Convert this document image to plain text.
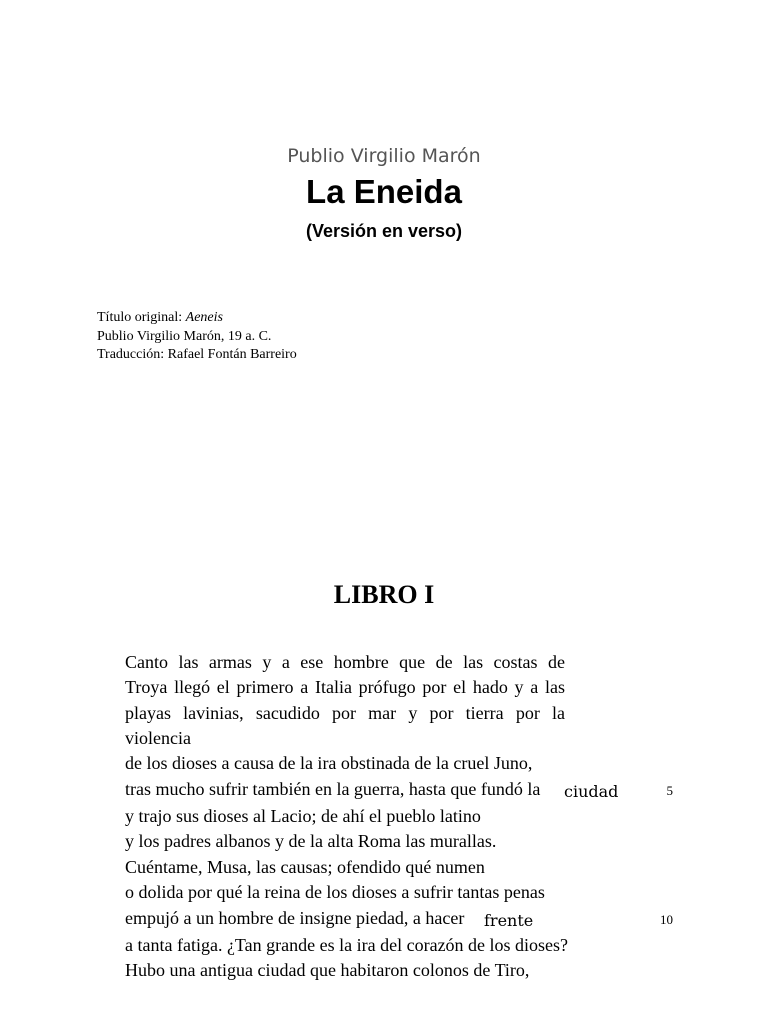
Publio Virgilio Marón
La Eneida
(Versión en verso)
Título original: Aeneis
Publio Virgilio Marón, 19 a. C.
Traducción: Rafael Fontán Barreiro
LIBRO I
Canto las armas y a ese hombre que de las costas de
Troya llegó el primero a Italia prófugo por el hado y a las
playas lavinias, sacudido por mar y por tierra por la
violencia
de los dioses a causa de la ira obstinada de la cruel Juno,
tras mucho sufrir también en la guerra, hasta que fundó la	ciudad	5
y trajo sus dioses al Lacio; de ahí el pueblo latino
y los padres albanos y de la alta Roma las murallas.
Cuéntame, Musa, las causas; ofendido qué numen
o dolida por qué la reina de los dioses a sufrir tantas penas
empujó a un hombre de insigne piedad, a hacer	frente	10
a tanta fatiga. ¿Tan grande es la ira del corazón de los dioses?
Hubo una antigua ciudad que habitaron colonos de Tiro,
